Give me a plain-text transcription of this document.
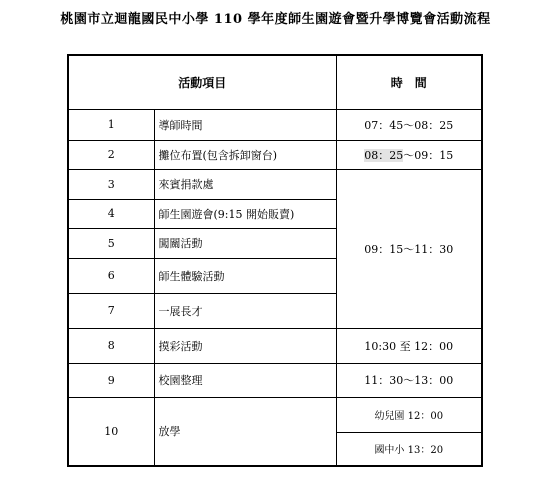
桃園市立迴龍國民中小學 110 學年度師生園遊會暨升學博覽會活動流程
活動項目		時　間
1	導師時間	07：45～08：25
2	攤位布置(包含拆卸窗台)	08：25～09：15
3	來賓捐款處	09：15～11：30
4	師生園遊會(9:15 開始販賣)	
5	闖關活動	
6	師生體驗活動	
7	一展長才	
8	摸彩活動	10:30 至 12：00
9	校園整理	11：30～13：00
10	放學	幼兒園 12：00
		國中小 13：20
